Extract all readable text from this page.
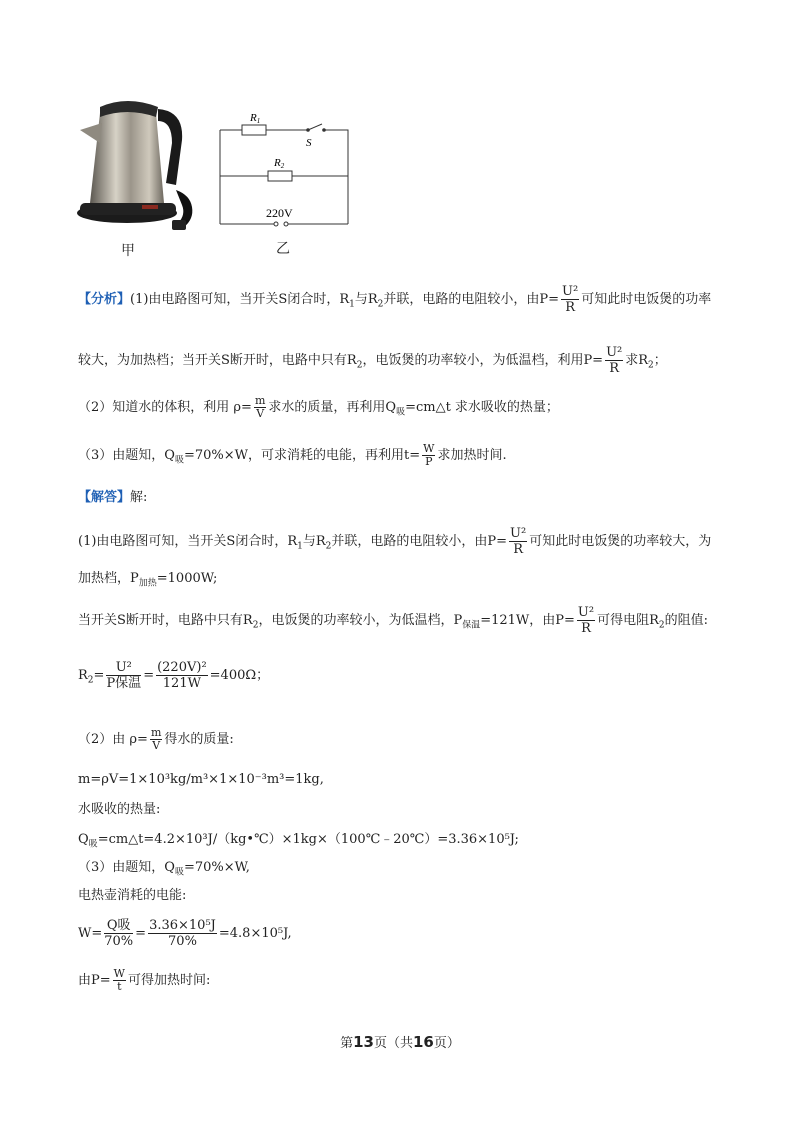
甲
R1
S
R2
220V
乙
【分析】(1)由电路图可知，当开关S闭合时，$R_1$与$R_2$并联，电路的电阻较小，由$P= \frac{\text{U²}}{R}$ 可知此时电饭煲的功率
较大，为加热档；当开关S断开时，电路中只有$R_2$，电饭煲的功率较小，为低温档，利用$P= \frac{\text{U²}}{R}$ 求$R_2$；
（2）知道水的体积，利用 $\rho= \frac{m}{V}$ 求水的质量，再利用$Q_吸=cm\triangle t$ 求水吸收的热量；
（3）由题知，$Q_吸=70\%\times W$，可求消耗的电能，再利用$t= \frac{W}{P}$ 求加热时间.
【解答】解:
(1)由电路图可知，当开关S闭合时，$R_1$与$R_2$并联，电路的电阻较小，由$P= \frac{\text{U²}}{R}$ 可知此时电饭煲的功率较大，为
加热档，$P_{加热}=1000W$;
当开关S断开时，电路中只有$R_2$，电饭煲的功率较小，为低温档，$P_{保温}=121W$，由$P= \frac{\text{U²}}{R}$ 可得电阻$R_2$的阻值:
$R_2= \frac{\text{U²}}{\text{P保温}} = \frac{\text{(220V)²}}{121W} =400\Omega$；
（2）由 $\rho= \frac{m}{V}$ 得水的质量:
m=ρV=1×10³kg/m³×1×10⁻³m³=1kg,
水吸收的热量:
$Q_吸=cm\triangle t=4.2\times 10^3J/(kg•℃)\times 1kg\times(100℃﹣20℃)=3.36\times 10^5J$;
（3）由题知，$Q_吸=70\%\times W$,
电热壶消耗的电能:
$W= \frac{\text{Q吸}}{70\%} = \frac{\text{3.36×10⁵J}}{70\%} =4.8\times 10^5J$,
由$P= \frac{W}{t}$ 可得加热时间:
第13页（共16页）
